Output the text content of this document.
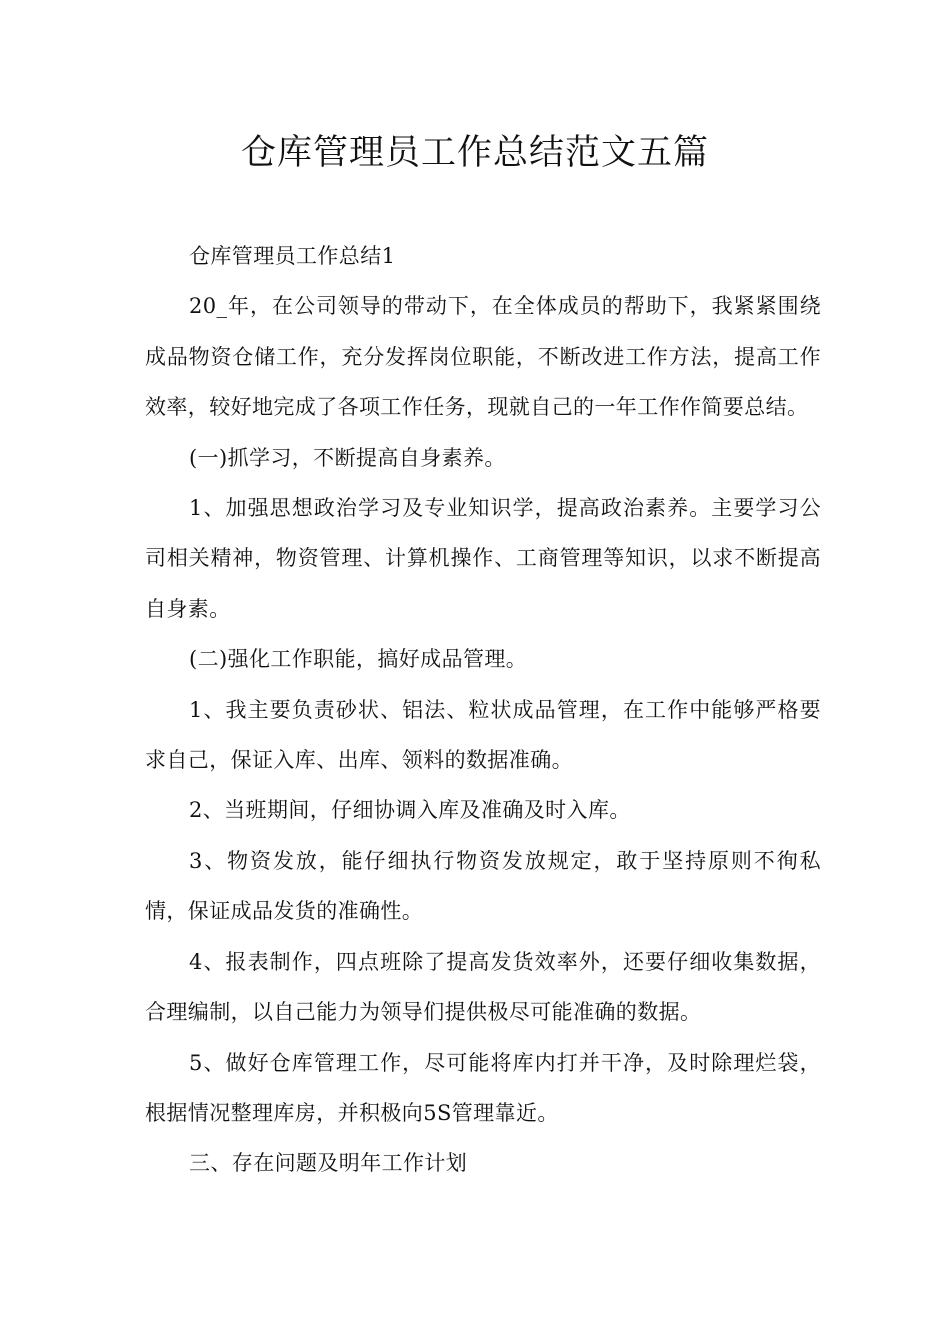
仓库管理员工作总结范文五篇

仓库管理员工作总结1

20_年，在公司领导的带动下，在全体成员的帮助下，我紧紧围绕成品物资仓储工作，充分发挥岗位职能，不断改进工作方法，提高工作效率，较好地完成了各项工作任务，现就自己的一年工作作简要总结。

(一)抓学习，不断提高自身素养。

1、加强思想政治学习及专业知识学，提高政治素养。主要学习公司相关精神，物资管理、计算机操作、工商管理等知识，以求不断提高自身素。

(二)强化工作职能，搞好成品管理。

1、我主要负责砂状、铝法、粒状成品管理，在工作中能够严格要求自己，保证入库、出库、领料的数据准确。

2、当班期间，仔细协调入库及准确及时入库。

3、物资发放，能仔细执行物资发放规定，敢于坚持原则不徇私情，保证成品发货的准确性。

4、报表制作，四点班除了提高发货效率外，还要仔细收集数据，合理编制，以自己能力为领导们提供极尽可能准确的数据。

5、做好仓库管理工作，尽可能将库内打并干净，及时除理烂袋，根据情况整理库房，并积极向5S管理靠近。

三、存在问题及明年工作计划
